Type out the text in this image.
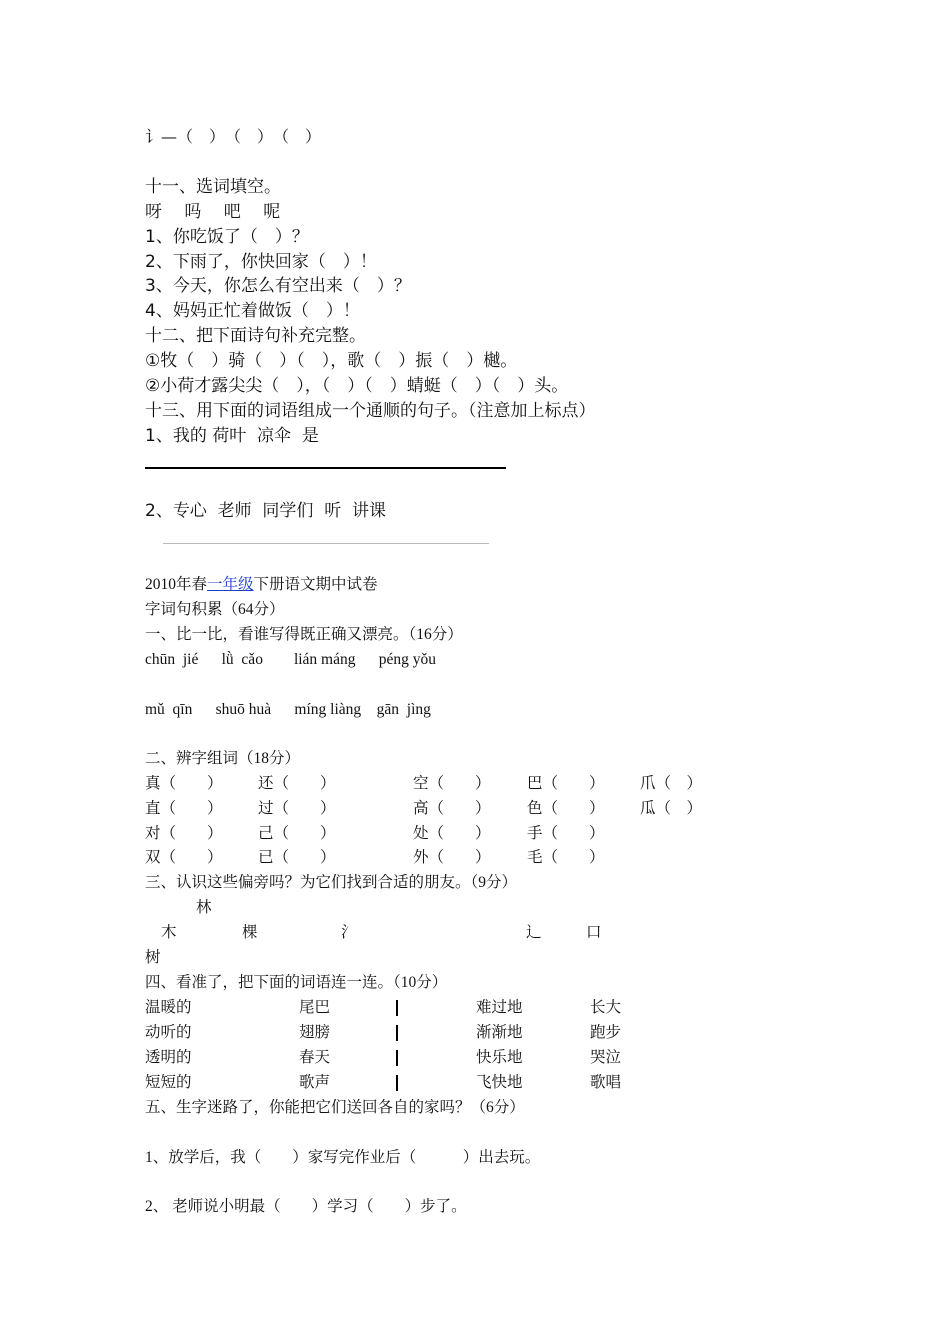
讠—（　）　（　）　（　）
十一、选词填空。
呀　 吗　 吧　 呢
1、你吃饭了（　）？
2、下雨了，你快回家（　）！
3、今天，你怎么有空出来（　）？
4、妈妈正忙着做饭（　）！
十二、把下面诗句补充完整。
①牧（　）骑（　）（　），歌（　）振（　）樾。
②小荷才露尖尖（　），（　）（　）蜻蜓（　）（　）头。
十三、用下面的词语组成一个通顺的句子。（注意加上标点）
1、我的 荷叶  凉伞  是
2、专心  老师  同学们  听  讲课
2010年春一年级下册语文期中试卷
字词句积累（64分）
一、比一比，看谁写得既正确又漂亮。（16分）
chūn  jié      lǜ  cǎo        lián máng      péng yǒu
mǔ  qīn      shuō huà      míng liàng    gān  jìng
二、辨字组词（18分）
真（　　） 还（　　）	空（　　） 巴（　　） 爪（　）
直（　　） 过（　　）	高（　　） 色（　　） 瓜（　）
对（　　） 己（　　）	处（　　） 手（　　）
双（　　） 已（　　）	外（　　） 毛（　　）
三、认识这些偏旁吗？为它们找到合适的朋友。（9分）
林
木	棵	氵	辶	口
树
四、看准了，把下面的词语连一连。（10分）
温暖的	尾巴	难过地	长大
动听的	翅膀	渐渐地	跑步
透明的	春天	快乐地	哭泣
短短的	歌声	飞快地	歌唱
五、生字迷路了，你能把它们送回各自的家吗？（6分）
1、放学后，我（　　）家写完作业后（　　　）出去玩。
2、 老师说小明最（　　）学习（　　）步了。
